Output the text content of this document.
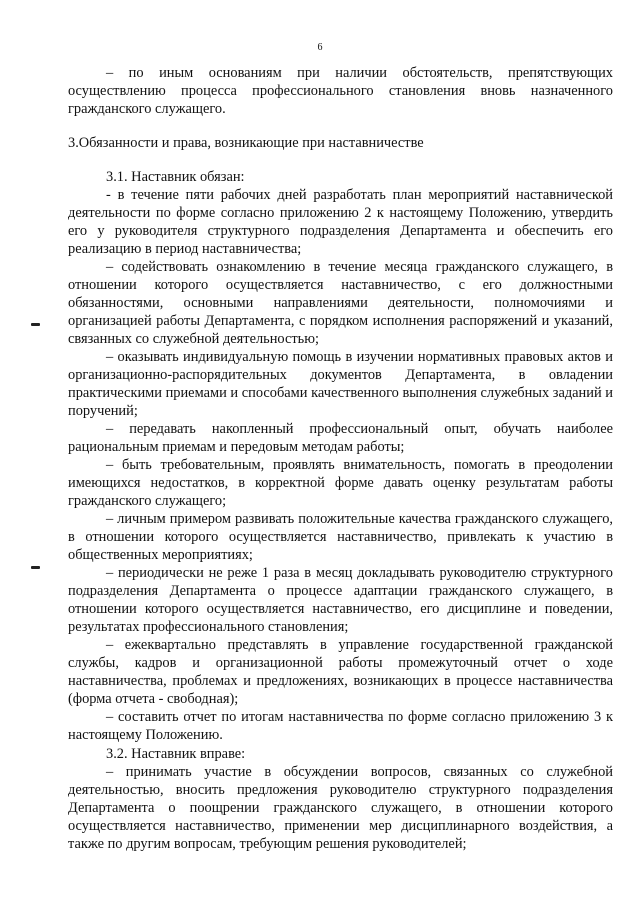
6

– по иным основаниям при наличии обстоятельств, препятствующих осуществлению процесса профессионального становления вновь назначенного гражданского служащего.

3.Обязанности и права, возникающие при наставничестве

3.1. Наставник обязан:

- в течение пяти рабочих дней разработать план мероприятий наставнической деятельности по форме согласно приложению 2 к настоящему Положению, утвердить его у руководителя структурного подразделения Департамента и обеспечить его реализацию в период наставничества;

– содействовать ознакомлению в течение месяца гражданского служащего, в отношении которого осуществляется наставничество, с его должностными обязанностями, основными направлениями деятельности, полномочиями и организацией работы Департамента, с порядком исполнения распоряжений и указаний, связанных со служебной деятельностью;

– оказывать индивидуальную помощь в изучении нормативных правовых актов и организационно-распорядительных документов Департамента, в овладении практическими приемами и способами качественного выполнения служебных заданий и поручений;

– передавать накопленный профессиональный опыт, обучать наиболее рациональным приемам и передовым методам работы;

– быть требовательным, проявлять внимательность, помогать в преодолении имеющихся недостатков, в корректной форме давать оценку результатам работы гражданского служащего;

– личным примером развивать положительные качества гражданского служащего, в отношении которого осуществляется наставничество, привлекать к участию в общественных мероприятиях;

– периодически не реже 1 раза в месяц докладывать руководителю структурного подразделения Департамента о процессе адаптации гражданского служащего, в отношении которого осуществляется наставничество, его дисциплине и поведении, результатах профессионального становления;

– ежеквартально представлять в управление государственной гражданской службы, кадров и организационной работы промежуточный отчет о ходе наставничества, проблемах и предложениях, возникающих в процессе наставничества (форма отчета - свободная);

– составить отчет по итогам наставничества по форме согласно приложению 3 к настоящему Положению.

3.2. Наставник вправе:

– принимать участие в обсуждении вопросов, связанных со служебной деятельностью, вносить предложения руководителю структурного подразделения Департамента о поощрении гражданского служащего, в отношении которого осуществляется наставничество, применении мер дисциплинарного воздействия, а также по другим вопросам, требующим решения руководителей;
